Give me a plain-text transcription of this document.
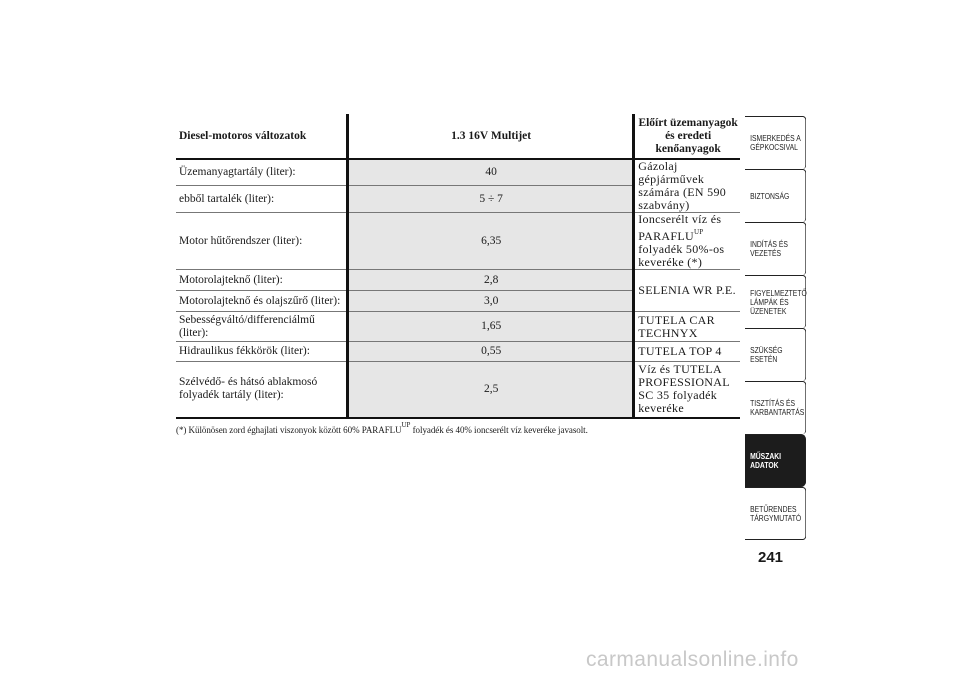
Diesel-motoros változatok	1.3 16V Multijet	Előírt üzemanyagok és eredeti kenőanyagok
Üzemanyagtartály (liter):	40	Gázolaj gépjárművek számára (EN 590 szabvány)
ebből tartalék (liter):	5 ÷ 7	
Motor hűtőrendszer (liter):	6,35	Ioncserélt víz és $PARAFLU^{UP}$ folyadék 50%-os keveréke (*)
Motorolajteknő (liter):	2,8	SELENIA WR P.E.
Motorolajteknő és olajszűrő (liter):	3,0	
Sebességváltó/differenciálmű (liter):	1,65	TUTELA CAR TECHNYX
Hidraulikus fékkörök (liter):	0,55	TUTELA TOP 4
Szélvédő- és hátsó ablakmosó folyadék tartály (liter):	2,5	Víz és TUTELA PROFESSIONAL SC 35 folyadék keveréke
(*) Különösen zord éghajlati viszonyok között 60% $PARAFLU^{UP}$ folyadék és 40% ioncserélt víz keveréke javasolt.
ISMERKEDÉS A
GÉPKOCSIVAL
BIZTONSÁG
INDÍTÁS ÉS
VEZETÉS
FIGYELMEZTETŐ
LÁMPÁK ÉS
ÜZENETEK
SZÜKSÉG ESETÉN
TISZTÍTÁS ÉS
KARBANTARTÁS
MŰSZAKI ADATOK
BETŰRENDES
TÁRGYMUTATÓ
241
carmanualsonline.info
